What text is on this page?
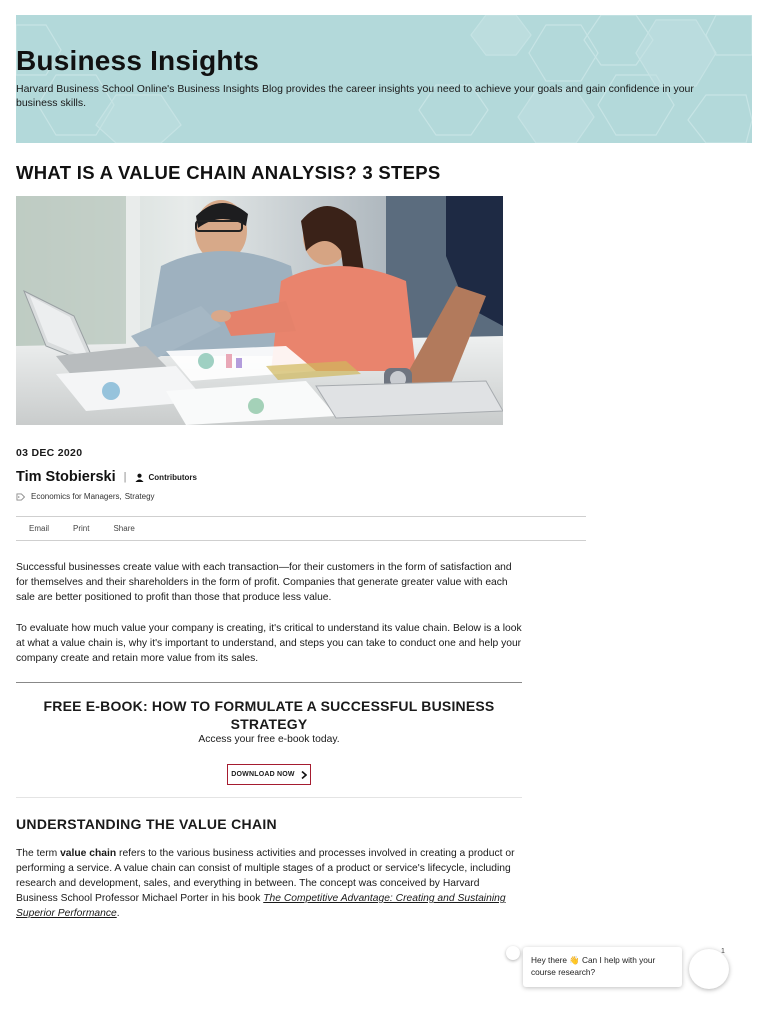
Business Insights
Harvard Business School Online's Business Insights Blog provides the career insights you need to achieve your goals and gain confidence in your business skills.
WHAT IS A VALUE CHAIN ANALYSIS? 3 STEPS
03 DEC 2020
Tim Stobierski |	Contributors
Economics for Managers , Strategy
Email	Print	Share

Successful businesses create value with each transaction—for their customers in the form of satisfaction and for themselves and their shareholders in the form of profit. Companies that generate greater value with each sale are better positioned to profit than those that produce less value.

To evaluate how much value your company is creating, it's critical to understand its value chain. Below is a look at what a value chain is, why it's important to understand, and steps you can take to conduct one and help your company create and retain more value from its sales.

FREE E-BOOK: HOW TO FORMULATE A SUCCESSFUL BUSINESS STRATEGY
Access your free e-book today.
DOWNLOAD NOW
UNDERSTANDING THE VALUE CHAIN

The term value chain refers to the various business activities and processes involved in creating a product or performing a service. A value chain can consist of multiple stages of a product or service's lifecycle, including research and development, sales, and everything in between. The concept was conceived by Harvard Business School Professor Michael Porter in his book The Competitive Advantage: Creating and Sustaining Superior Performance.

Hey there 👋 Can I help with your course research?
1
